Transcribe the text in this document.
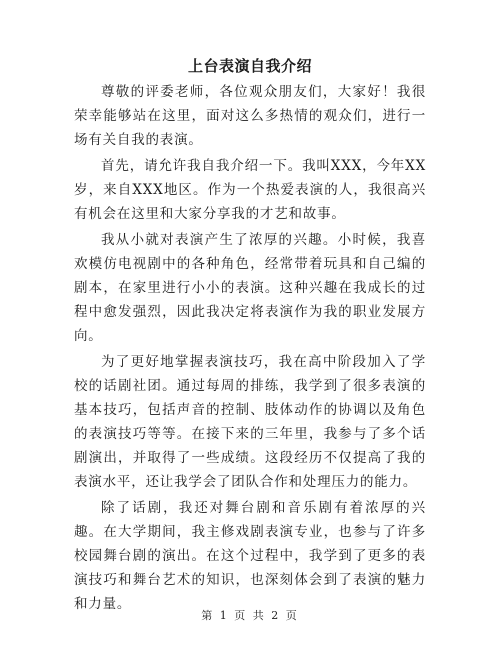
上台表演自我介绍

尊敬的评委老师，各位观众朋友们，大家好！我很荣幸能够站在这里，面对这么多热情的观众们，进行一场有关自我的表演。

首先，请允许我自我介绍一下。我叫XXX，今年XX岁，来自XXX地区。作为一个热爱表演的人，我很高兴有机会在这里和大家分享我的才艺和故事。

我从小就对表演产生了浓厚的兴趣。小时候，我喜欢模仿电视剧中的各种角色，经常带着玩具和自己编的剧本，在家里进行小小的表演。这种兴趣在我成长的过程中愈发强烈，因此我决定将表演作为我的职业发展方向。

为了更好地掌握表演技巧，我在高中阶段加入了学校的话剧社团。通过每周的排练，我学到了很多表演的基本技巧，包括声音的控制、肢体动作的协调以及角色的表演技巧等等。在接下来的三年里，我参与了多个话剧演出，并取得了一些成绩。这段经历不仅提高了我的表演水平，还让我学会了团队合作和处理压力的能力。

除了话剧，我还对舞台剧和音乐剧有着浓厚的兴趣。在大学期间，我主修戏剧表演专业，也参与了许多校园舞台剧的演出。在这个过程中，我学到了更多的表演技巧和舞台艺术的知识，也深刻体会到了表演的魅力和力量。

第 1 页 共 2 页
